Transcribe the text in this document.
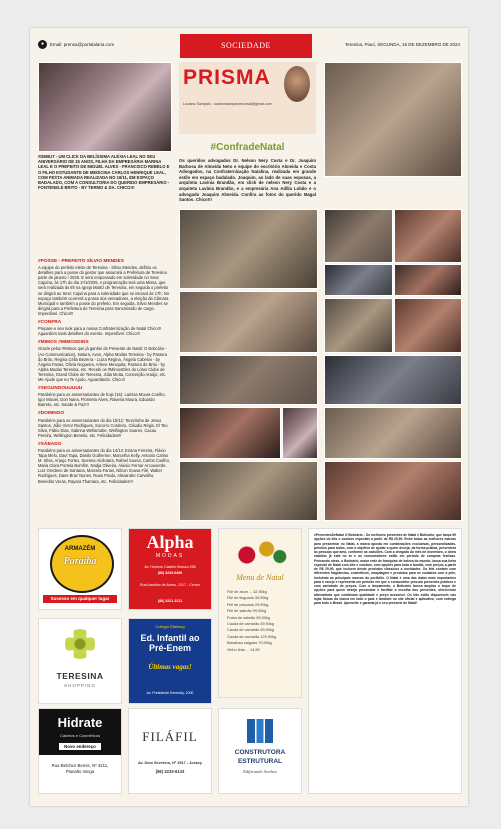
●	Email: prensa@portalalaria.com	SOCIEDADE	Teresina, Piauí, SEGUNDA, 16 DE DEZEMBRO DE 2024
#DEBUT - UM CLICK DA BELÍSSIMA ALÉXIA LEAL NO SEU ANIVERSÁRIO DE 15 ANOS, FILHA DA EMPRESÁRIA MARINA LEAL E O PREFEITO DE MIGUEL ALVES - FRANCISCO REBELO E O FILHO ESTUDANTE DE MEDICINA CARLOS HENRIQUE LEAL, COM FESTA ANIMADA REALIZADA NO 16/11, EM ESPAÇO BADALADO, COM A CONSULTORIA DO QUERIDO EMPRESÁRIO - FONTENELE BRITO - BY TERMO & DA. CHICO!!!
#POSSE - PREFEITO SÍLVIO MENDES

A equipe do prefeito eleito de Teresina - Sílvio Mendes, definiu os detalhes para a posse do gestor que assumirá a Prefeitura de Teresina parte de janeiro / 2025. E será empossado em solenidade no Sesc Cajuína, às 17h do dia 1º/1/2025. A programação terá uma Missa, que será realizada às 8h na Igreja Matriz de Teresina, em seguida o prefeito se dirigirá ao Sesc Cajuína para a solenidade que se iniciará às 17h. No espaço também ocorrerá a posse dos vereadores, a eleição da Câmara Municipal e também a posse do prefeito. Em seguida, Sílvio Mendes se dirigirá para a Prefeitura de Teresina para transmissão de cargo. Imperdível. Chico!!!

#CONFRA

Prepare-o seu look para a nossa Confraternização de Natal Chico!!! Aguardem mais detalhes do evento. Imperdível. Chico!!!

#MIMOS #MIMOSDINS

Grazie pelos #Mimos que já ganhei de Presente de Natal: O Boticário - (Ao Communication), Natura, Avon, Alpha Modas Teresina - by Pastora do Brito, Regina Célia Bezerra - Luiza Regina, Ângela Cabelos - by Ângela Farias, Olívia Nogueira, Arlene Mesquita, Pastora do Brito - by Alpha Modas Teresina, etc. Recebi os #MimosDins do Lótus Clube de Teresina, Grand Clube de Teresina, Júlia Moita, Conceição Araújo, etc. Me Ajude que eu Te Ajudo. Aguardando. Chico!!

#SEGUNDOUUUUU

Parabéns para os aniversariantes de hoje (16): Larissa Moura Coelho, Igor Maciel, Don Nana, Florineta Alves, Raveria Moura, Eduardo Barreto, etc. Saúde & Paz!!!

#DOMINGO

Parabéns para os aniversariantes do dia 15/12: Tereziinha de Jesus Santos, Júlio Victor Rodrigues, Socorro Cordeiro, Cláudio Régis, El Teu Silva, Fábio Dias, Sabrina Wellamabe, Wellington Soares, Cacau Pereira, Wellington Benelio, etc. Felicidades!!!

#SÁBADO

Parabéns para os aniversariantes do dia 14/12: Eriana Ferreira, Flávio Tapa Melo, Davi Tapa, Danilo Gutherme, Marcelha Kelly, Antonio Carlos M. Silva, Araujo Fortes, Suenna Alcântara, Rafael Sousa, Carlos Coelho, Maria Clara Portela Bomfim, Nadja Oliveira, Aluisio Fernar Arcouverde, Luiz Oredeno de Santana, Marcela Farias, Nilzon Sousa Filé, Walter Rodrigues, Dave Braz Nunes, Ruan Prado, Alexandre Carvalho, Benedito Veras, Rayara Thamara, etc. Felicidades!!!

PRISMA
Luciano Sampaio - lucianosampaiorecursal@gmail.com
#ConfradeNatal
Os queridos advogados Dr. Nelson Nery Costa e Dr. Joaquim Barbosa de Almeida Neto e equipe do escritório Almeida e Costa Advogados, na Confraternização Natalina, realizada em grande estilo em espaço badalado. Joaquim, ao lado de suas esposas, a arquiteta Lavínia Brandão, em click de nelson Nery Costa e a arquiteta Lavínia Brandão, e a empresária Ana Adília Lobão e o advogado Joaquim Almeida. Confira as fotos do querido Magal Santos. Chico!!!
ARMAZÉM
Paraíba
Sucesso em qualquer lugar
Alpha
MODAS
Av. Homero Castelo Branco 258
(86) 3233-9496
Rua Areolino de Abreu, 1317 - Centro
(86) 3221-3111
Menu de Natal
Filé de atum ... 42,90kg
Filé de linguado 39,90kg
Filé de pescada 29,90kg
Filé de salmão 99,90kg
Posta de salmão 89,90kg
Cauda de camarão 89,90kg
Cauda de camarão 69,90kg
Cauda de camarão 129,90kg
Bacalhau salgado 79,90kg
Vinho tinto ... 14,90
TERESINA
SHOPPING
Colégio Elisberg
Ed. Infantil ao Pré-Enem
Últimas vagas!
Av. Presidente Kennedy, 1000
Hidrate
Cabelos e Cosméticos
Novo endereço
Rua Belchior Bernis, Nº 3211, Planalto Ininga
FILÁFIL
Av. Dom Severino, Nº 2517 - Jockey
(86) 3233-6133
CONSTRUTORA
ESTRUTURAL
Edificando Sonhos

#PresentesDeNatal O Boticário - Os melhores presentes de Natal é Boticário, que lança 69 opções de kits e combos especiais a partir de R$ 29,90. Entre todas as melhores marcas para presentear no Natal, a marca aposta em combinações exclusivas, personalizadas, prêmios para todos, com o objetivo de ajudar a quem deseja, da forma prática, presentear as pessoas que ama, conforme as ocasiões. Com a chegada do mês de dezembro, o clima natalino já está no ar e os consumidores estão em período de compras festivas. Pensando nisso, o Boticário, maior rede de franquias de beleza do mundo, lança sua linha especial de Natal com kits e combos, com opções para toda a família, com preços a partir de R$ 29,90, que incluem desde produtos clássicos a novidades. Os kits contam com diferentes fragrâncias, cosméticos, maquiagem e produtos para os cuidados com a pele, incluindo as principais marcas do portfólio. O Natal é uma das datas mais importantes para o varejo e representa um período em que o consumidor procura presentes práticos e com variedade de preços. Com o lançamento, o Boticário busca ampliar o leque de opções para quem deseja presentear e facilitar a escolha dos presentes, oferecendo alternativas que combinam qualidade e preço acessível. Os kits estão disponíveis nas lojas físicas da marca em todo o país e também no site oficial e aplicativo, com entrega para todo o Brasil. Aproveite e garanta já o seu presente de Natal!
